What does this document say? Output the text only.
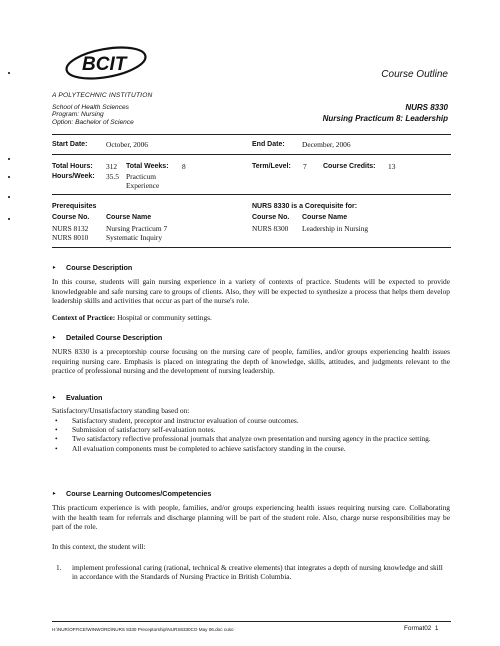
BCIT	Course Outline
A POLYTECHNIC INSTITUTION
School of Health Sciences
Program: Nursing
Option: Bachelor of Science
NURS 8330
Nursing Practicum 8: Leadership
Start Date:	October, 2006	End Date: December, 2006
Total Hours: 312 Total Weeks: 8
Hours/Week: 35.5 Practicum
Experience
Term/Level: 7 Course Credits: 13
Prerequisites
Course No. Course Name
NURS 8132 Nursing Practicum 7
NURS 8010 Systematic Inquiry
NURS 8330 is a Corequisite for:
Course No. Course Name
NURS 8300 Leadership in Nursing
‣ Course Description
In this course, students will gain nursing experience in a variety of contexts of practice. Students will be expected to provide knowledgeable and safe nursing care to groups of clients. Also, they will be expected to synthesize a process that helps them develop leadership skills and activities that occur as part of the nurse's role.
Context of Practice: Hospital or community settings.
‣ Detailed Course Description
NURS 8330 is a preceptorship course focusing on the nursing care of people, families, and/or groups experiencing health issues requiring nursing care. Emphasis is placed on integrating the depth of knowledge, skills, attitudes, and judgments relevant to the practice of professional nursing and the development of nursing leadership.
‣ Evaluation
Satisfactory/Unsatisfactory standing based on:
• Satisfactory student, preceptor and instructor evaluation of course outcomes.
• Submission of satisfactory self-evaluation notes.
• Two satisfactory reflective professional journals that analyze own presentation and nursing agency in the practice setting.
• All evaluation components must be completed to achieve satisfactory standing in the course.
‣ Course Learning Outcomes/Competencies
This practicum experience is with people, families, and/or groups experiencing health issues requiring nursing care. Collaborating with the health team for referrals and discharge planning will be part of the student role. Also, charge nurse responsibilities may be part of the role.
In this context, the student will:
1. implement professional caring (rational, technical & creative elements) that integrates a depth of nursing knowledge and skill in accordance with the Standards of Nursing Practice in British Columbia.
H:\NUR\OFFICE\WINWORD\NURS 8330 Preceptorship\NURS8330CO May 06.doc cuso	Format02 1
